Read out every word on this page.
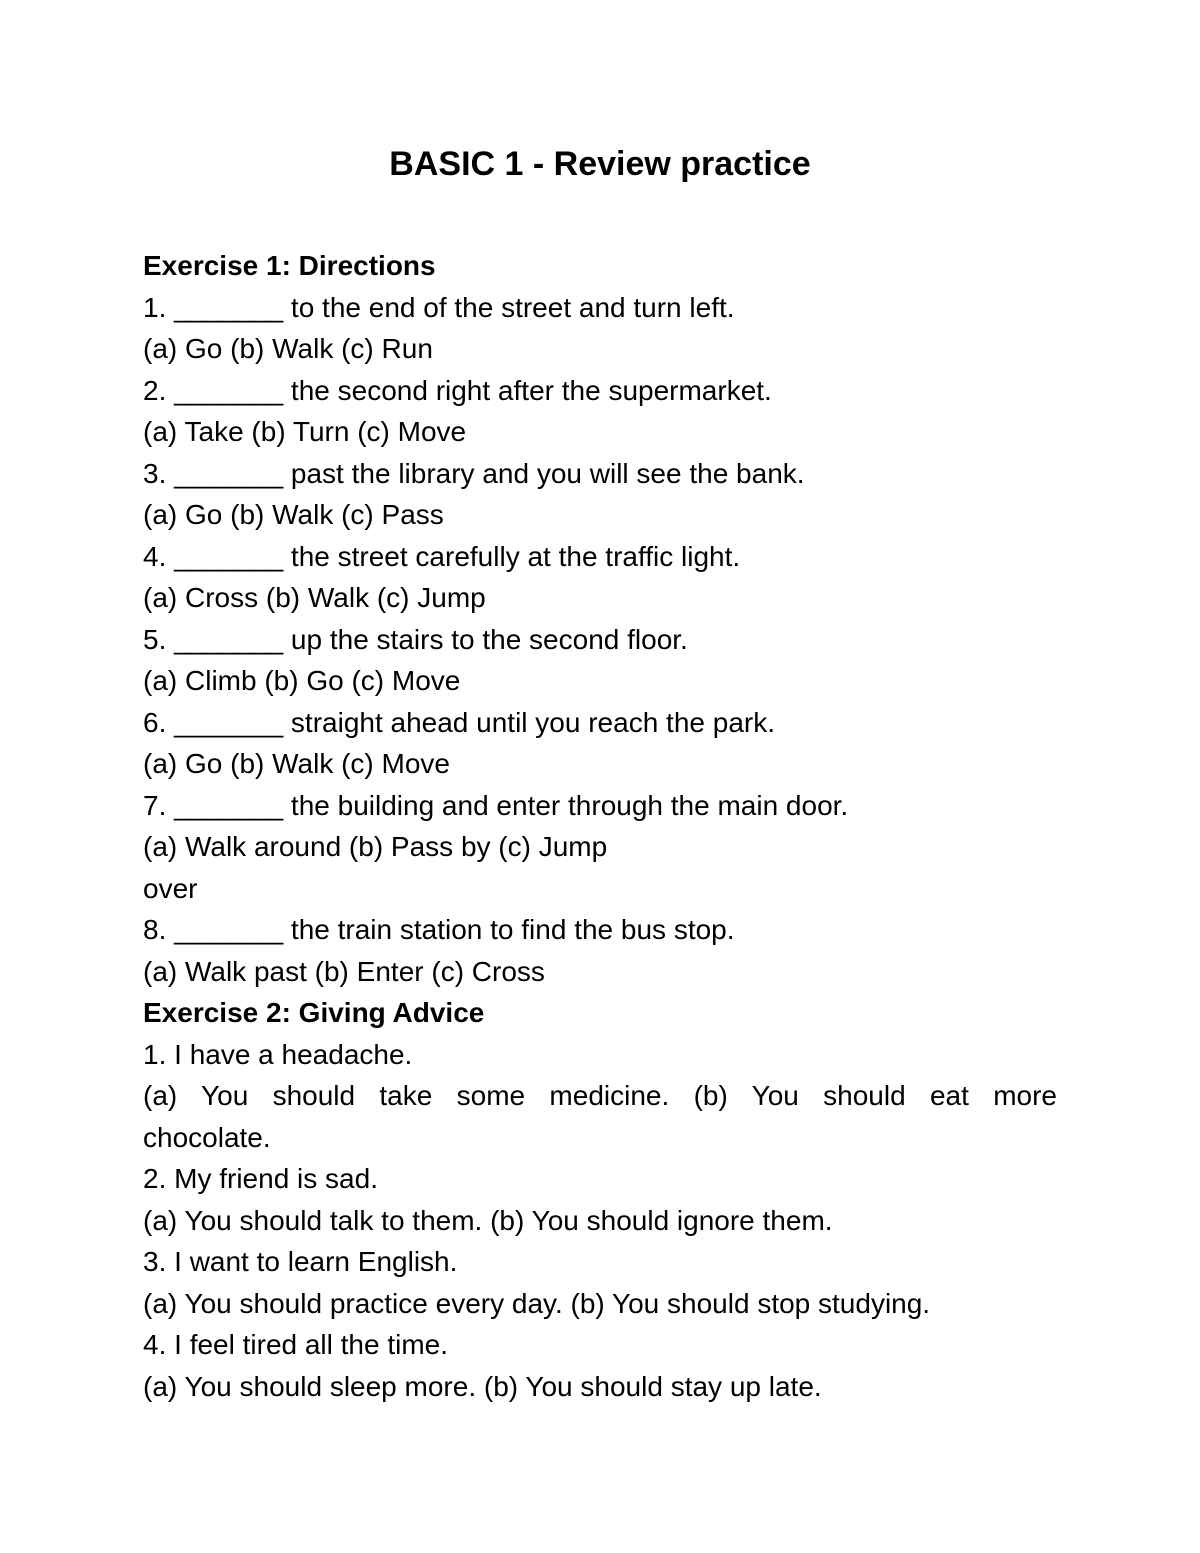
BASIC 1 - Review practice
Exercise 1: Directions
1. _______ to the end of the street and turn left.
(a) Go (b) Walk (c) Run
2. _______ the second right after the supermarket.
(a) Take (b) Turn (c) Move
3. _______ past the library and you will see the bank.
(a) Go (b) Walk (c) Pass
4. _______ the street carefully at the traffic light.
(a) Cross (b) Walk (c) Jump
5. _______ up the stairs to the second floor.
(a) Climb (b) Go (c) Move
6. _______ straight ahead until you reach the park.
(a) Go (b) Walk (c) Move
7. _______ the building and enter through the main door.
(a) Walk around (b) Pass by (c) Jump
over
8. _______ the train station to find the bus stop.
(a) Walk past (b) Enter (c) Cross
Exercise 2: Giving Advice
1. I have a headache.
(a) You should take some medicine. (b) You should eat more
chocolate.
2. My friend is sad.
(a) You should talk to them. (b) You should ignore them.
3. I want to learn English.
(a) You should practice every day. (b) You should stop studying.
4. I feel tired all the time.
(a) You should sleep more. (b) You should stay up late.
